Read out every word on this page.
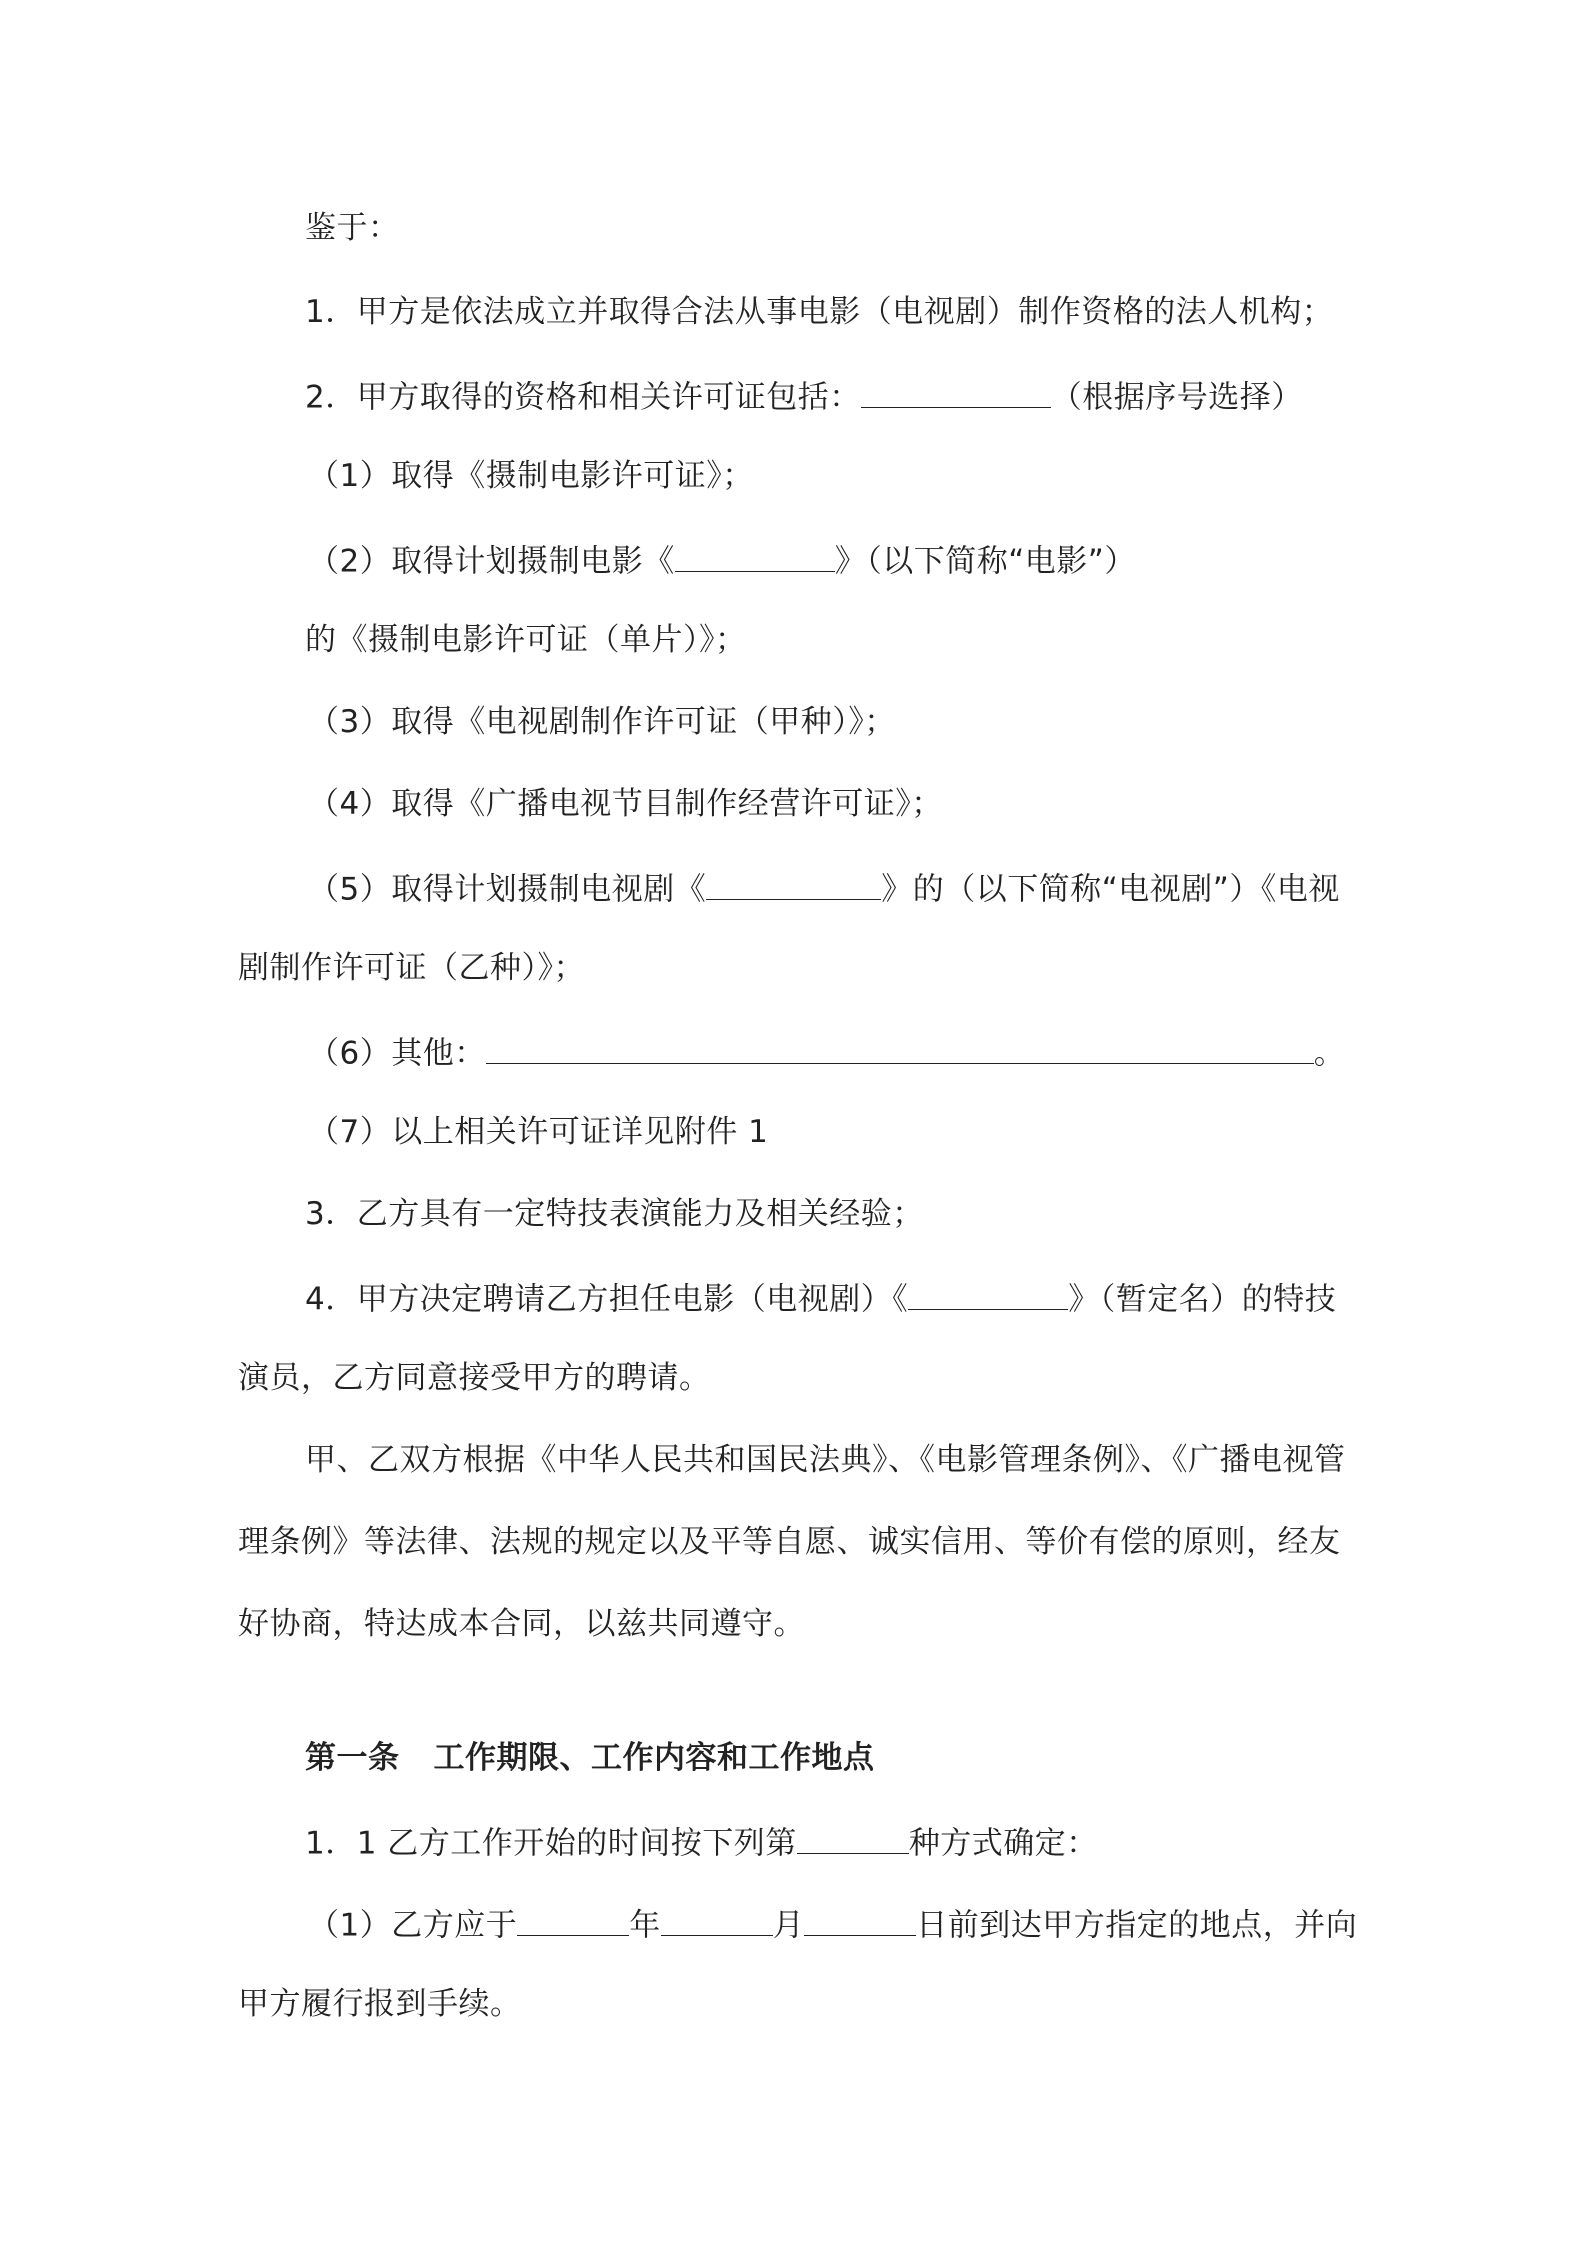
鉴于：
1．甲方是依法成立并取得合法从事电影（电视剧）制作资格的法人机构；
2．甲方取得的资格和相关许可证包括：	（根据序号选择）
（1）取得《摄制电影许可证》；
（2）取得计划摄制电影《	》（以下简称“电影”）
的《摄制电影许可证（单片）》；
（3）取得《电视剧制作许可证（甲种）》；
（4）取得《广播电视节目制作经营许可证》；
（5）取得计划摄制电视剧《	》的（以下简称“电视剧”）《电视
剧制作许可证（乙种）》；
（6）其他：	。
（7）以上相关许可证详见附件 1
3．乙方具有一定特技表演能力及相关经验；
4．甲方决定聘请乙方担任电影（电视剧）《	》（暂定名）的特技
演员，乙方同意接受甲方的聘请。
甲、乙双方根据《中华人民共和国民法典》、《电影管理条例》、《广播电视管
理条例》等法律、法规的规定以及平等自愿、诚实信用、等价有偿的原则，经友
好协商，特达成本合同，以兹共同遵守。
第一条 工作期限、工作内容和工作地点
1．1 乙方工作开始的时间按下列第	种方式确定：
（1）乙方应于	年	月	日前到达甲方指定的地点，并向
甲方履行报到手续。
